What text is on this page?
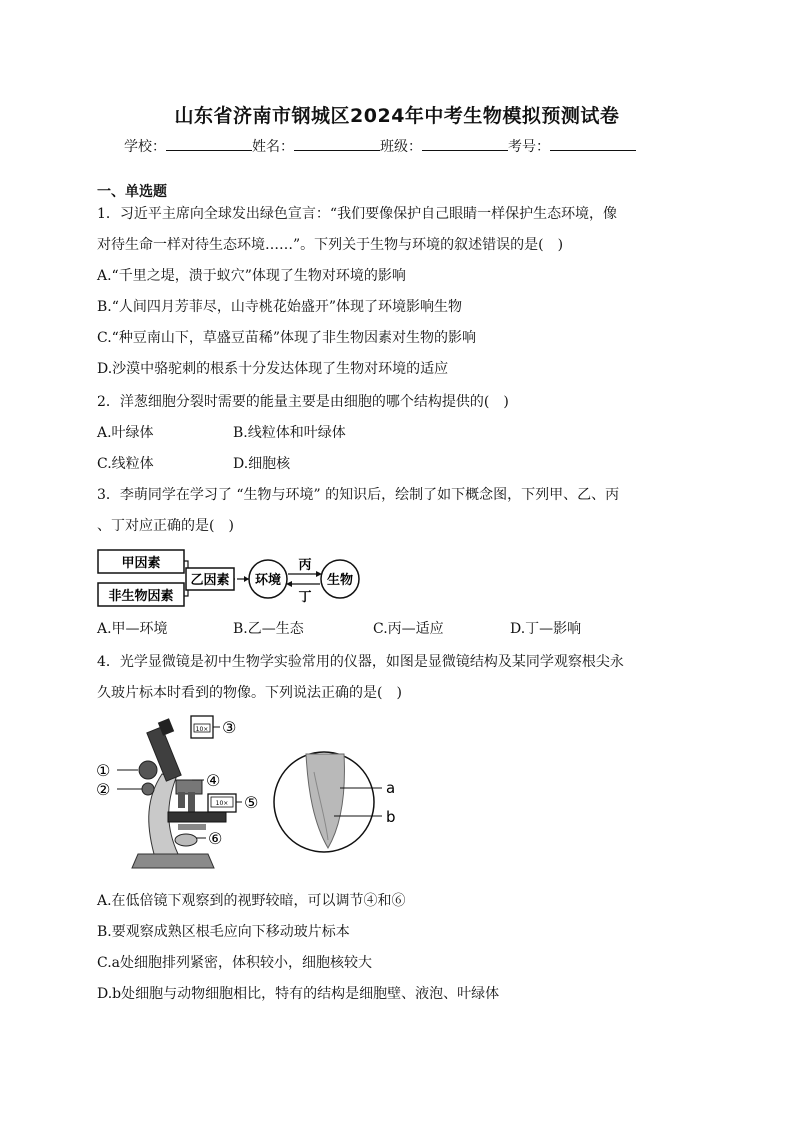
山东省济南市钢城区2024年中考生物模拟预测试卷
学校：	姓名：	班级：	考号：
一、单选题
1．习近平主席向全球发出绿色宣言：“我们要像保护自己眼睛一样保护生态环境，像
对待生命一样对待生态环境……”。下列关于生物与环境的叙述错误的是(　)
A.“千里之堤，溃于蚁穴”体现了生物对环境的影响
B.“人间四月芳菲尽，山寺桃花始盛开”体现了环境影响生物
C.“种豆南山下，草盛豆苗稀”体现了非生物因素对生物的影响
D.沙漠中骆驼刺的根系十分发达体现了生物对环境的适应
2．洋葱细胞分裂时需要的能量主要是由细胞的哪个结构提供的(　)
A.叶绿体	B.线粒体和叶绿体
C.线粒体	D.细胞核
3．李萌同学在学习了 “生物与环境” 的知识后，绘制了如下概念图，下列甲、乙、丙
、丁对应正确的是(　)
甲因素
非生物因素
乙因素 环境
丙
丁
生物
A.甲—环境	B.乙—生态	C.丙—适应	D.丁—影响
4．光学显微镜是初中生物学实验常用的仪器，如图是显微镜结构及某同学观察根尖永
久玻片标本时看到的物像。下列说法正确的是(　)
10×
10×
①
②
③
④
⑤
⑥
a
b
A.在低倍镜下观察到的视野较暗，可以调节④和⑥
B.要观察成熟区根毛应向下移动玻片标本
C.a处细胞排列紧密，体积较小，细胞核较大
D.b处细胞与动物细胞相比，特有的结构是细胞壁、液泡、叶绿体
